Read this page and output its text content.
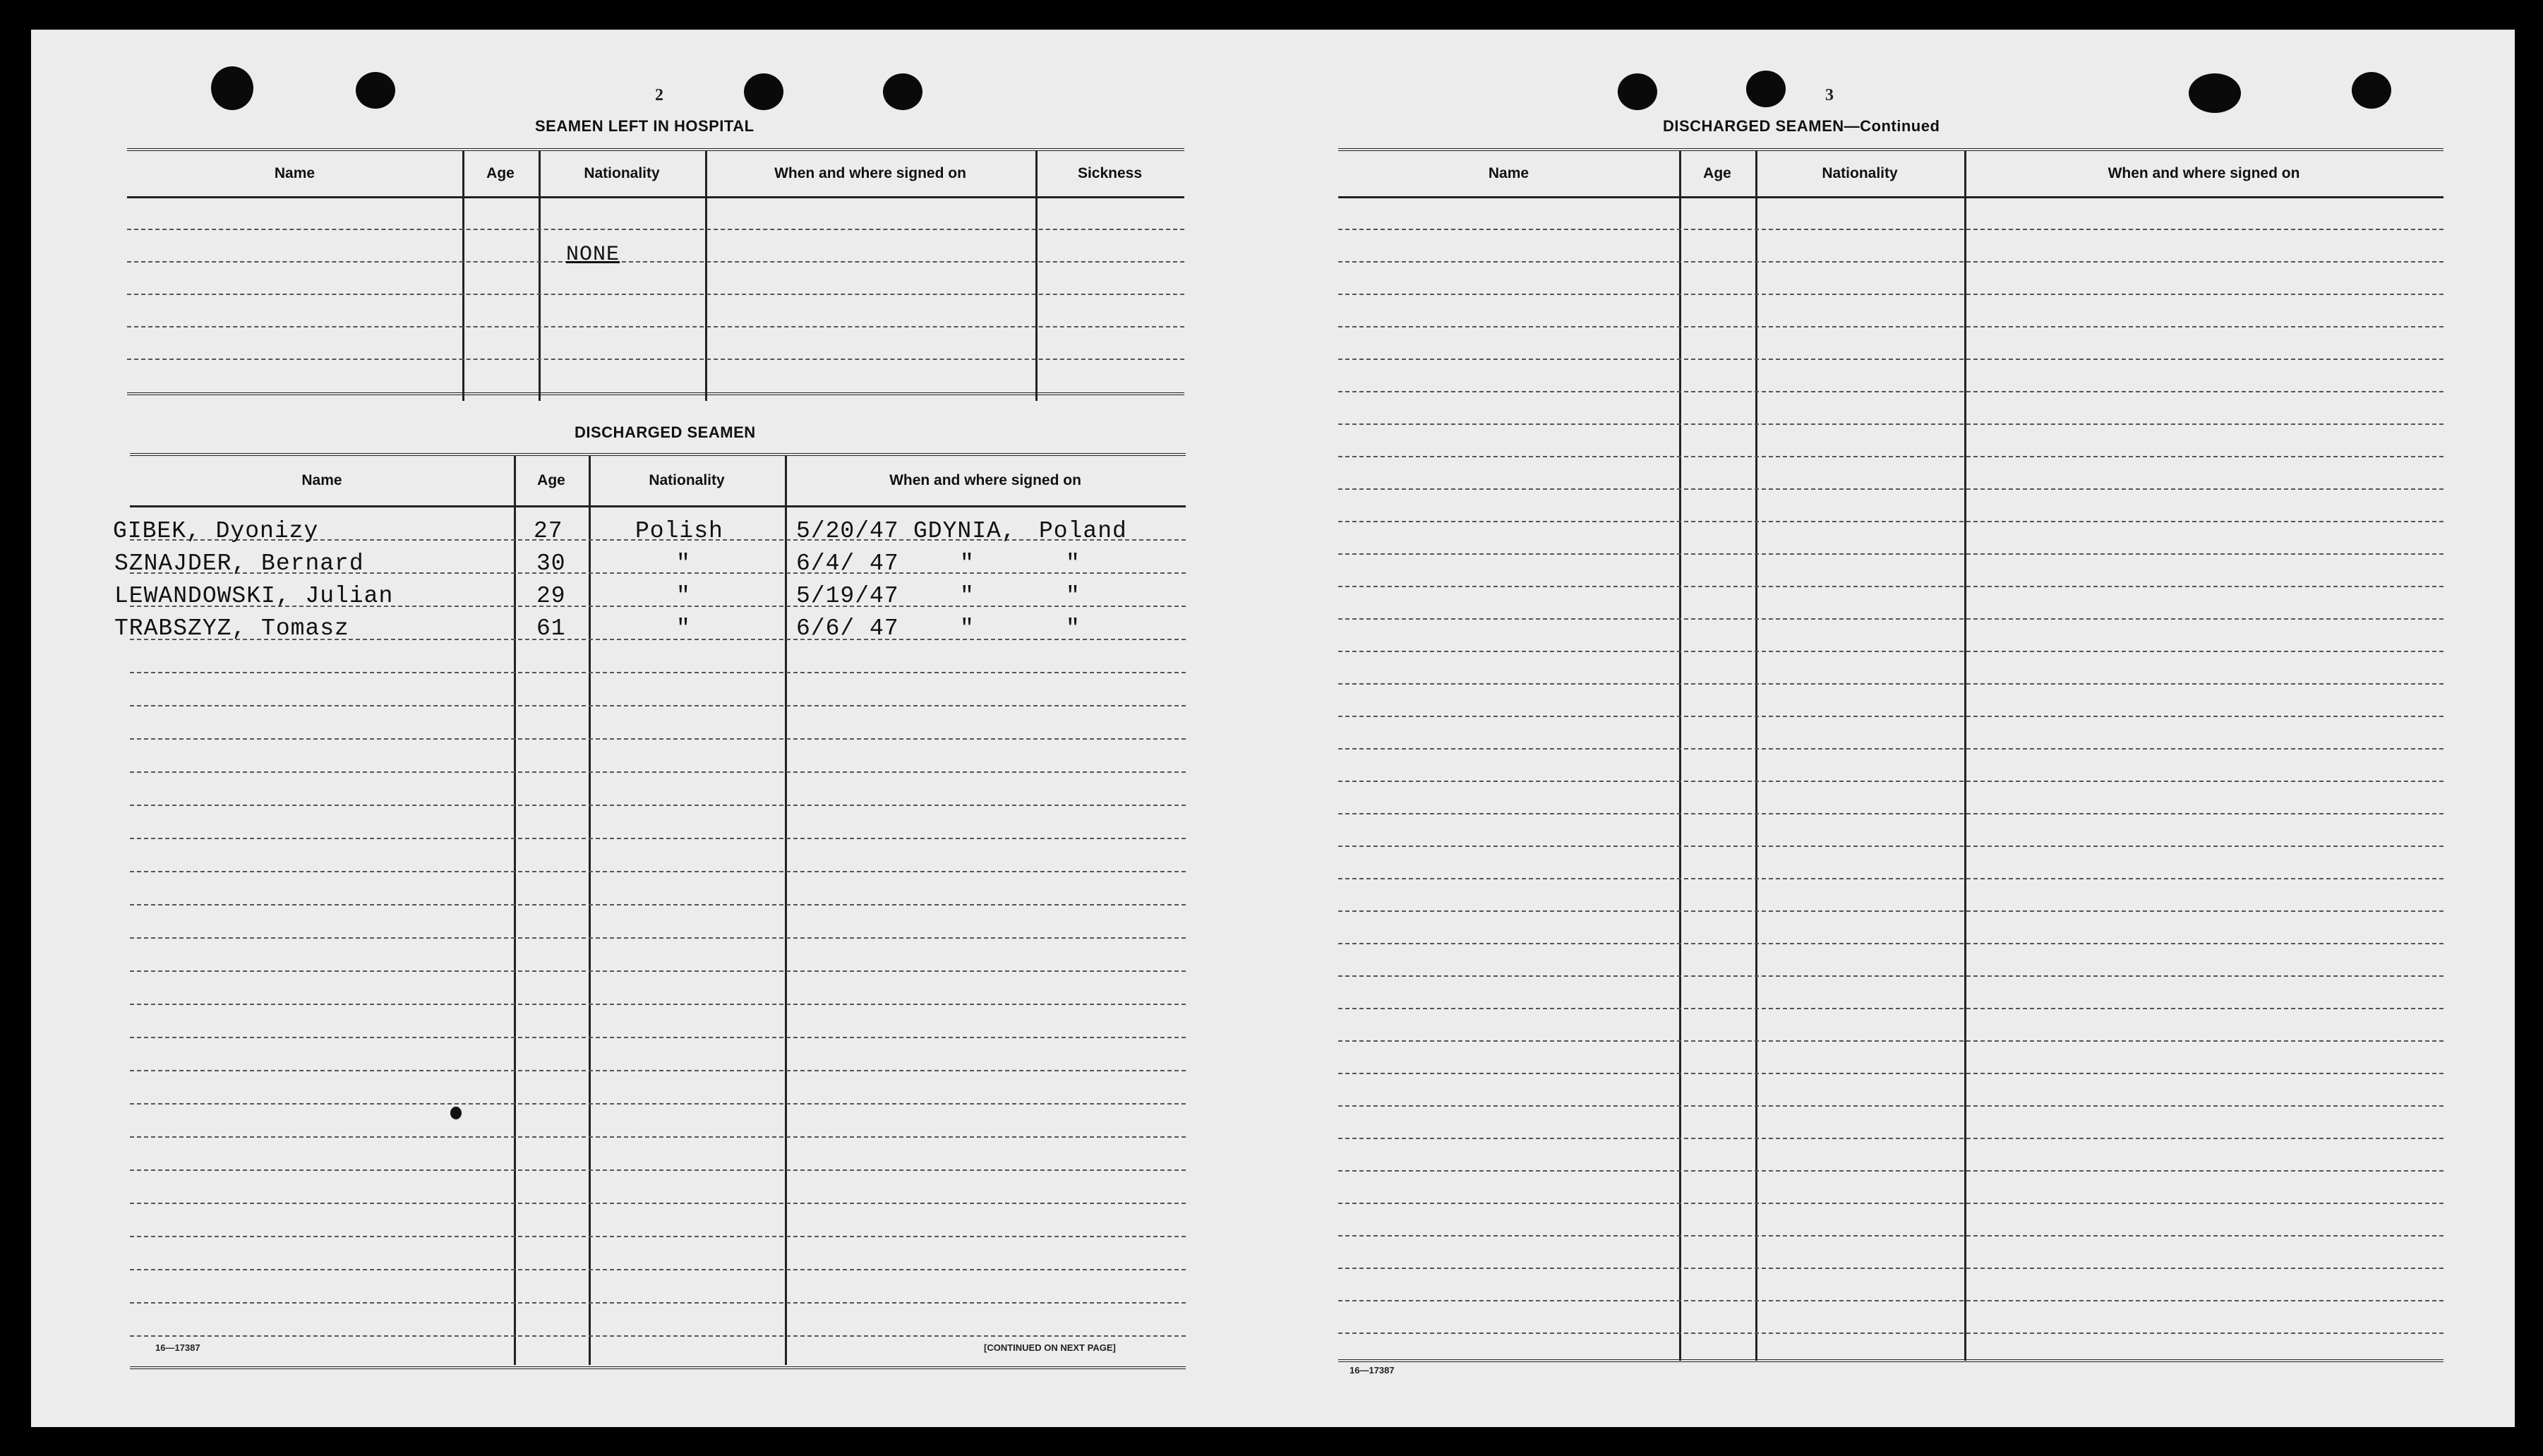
2
SEAMEN LEFT IN HOSPITAL
Name	Age	Nationality	When and where signed on	Sickness
NONE
DISCHARGED SEAMEN
Name	Age	Nationality	When and where signed on
GIBEK, Dyonizy	27	Polish	5/20/47 GDYNIA, Poland
SZNAJDER, Bernard	30	"	6/4/ 47	"	"
LEWANDOWSKI, Julian	29	"	5/19/47	"	"
TRABSZYZ, Tomasz	61	"	6/6/ 47	"	"
16—17387	[CONTINUED ON NEXT PAGE]
3
DISCHARGED SEAMEN—Continued
Name	Age	Nationality	When and where signed on
16—17387
